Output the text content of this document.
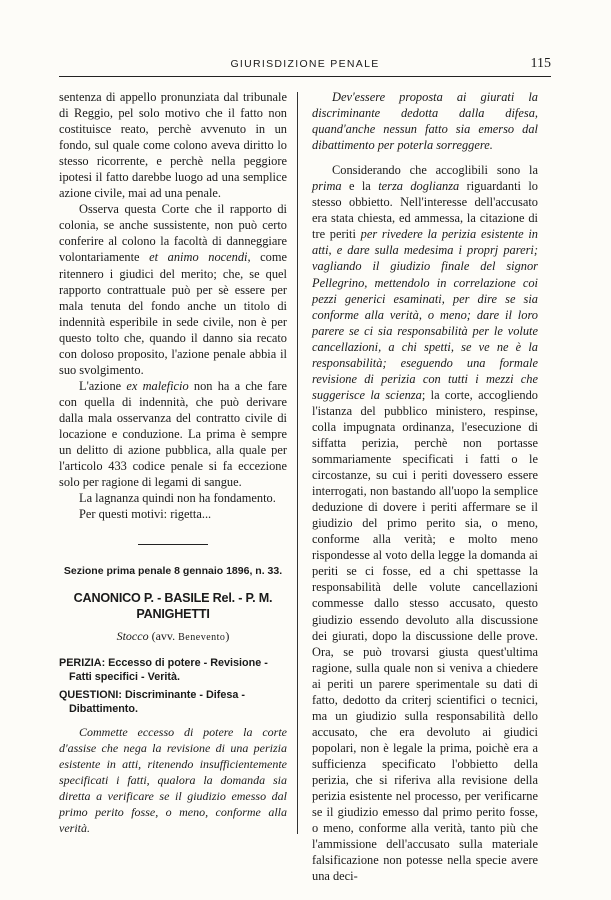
GIURISDIZIONE PENALE	115

sentenza di appello pronunziata dal tribunale di Reggio, pel solo motivo che il fatto non costituisce reato, perchè avvenuto in un fondo, sul quale come colono aveva diritto lo stesso ricorrente, e perchè nella peggiore ipotesi il fatto darebbe luogo ad una semplice azione civile, mai ad una penale.

Osserva questa Corte che il rapporto di colonia, se anche sussistente, non può certo conferire al colono la facoltà di danneggiare volontariamente et animo nocendi, come ritennero i giudici del merito; che, se quel rapporto contrattuale può per sè essere per mala tenuta del fondo anche un titolo di indennità esperibile in sede civile, non è per questo tolto che, quando il danno sia recato con doloso proposito, l'azione penale abbia il suo svolgimento.

L'azione ex maleficio non ha a che fare con quella di indennità, che può derivare dalla mala osservanza del contratto civile di locazione e conduzione. La prima è sempre un delitto di azione pubblica, alla quale per l'articolo 433 codice penale si fa eccezione solo per ragione di legami di sangue.

La lagnanza quindi non ha fondamento.

Per questi motivi: rigetta...

Sezione prima penale 8 gennaio 1896, n. 33.
CANONICO P. - BASILE Rel. - P. M. PANIGHETTI
Stocco (avv. Benevento)
PERIZIA: Eccesso di potere - Revisione - Fatti specifici - Verità.
QUESTIONI: Discriminante - Difesa - Dibattimento.

Commette eccesso di potere la corte d'assise che nega la revisione di una perizia esistente in atti, ritenendo insufficientemente specificati i fatti, qualora la domanda sia diretta a verificare se il giudizio emesso dal primo perito fosse, o meno, conforme alla verità.

Dev'essere proposta ai giurati la discriminante dedotta dalla difesa, quand'anche nessun fatto sia emerso dal dibattimento per poterla sorreggere.

Considerando che accoglibili sono la prima e la terza doglianza riguardanti lo stesso obbietto. Nell'interesse dell'accusato era stata chiesta, ed ammessa, la citazione di tre periti per rivedere la perizia esistente in atti, e dare sulla medesima i proprj pareri; vagliando il giudizio finale del signor Pellegrino, mettendolo in correlazione coi pezzi generici esaminati, per dire se sia conforme alla verità, o meno; dare il loro parere se ci sia responsabilità per le volute cancellazioni, a chi spetti, se ve ne è la responsabilità; eseguendo una formale revisione di perizia con tutti i mezzi che suggerisce la scienza; la corte, accogliendo l'istanza del pubblico ministero, respinse, colla impugnata ordinanza, l'esecuzione di siffatta perizia, perchè non portasse sommariamente specificati i fatti o le circostanze, su cui i periti dovessero essere interrogati, non bastando all'uopo la semplice deduzione di dovere i periti affermare se il giudizio del primo perito sia, o meno, conforme alla verità; e molto meno rispondesse al voto della legge la domanda ai periti se ci fosse, ed a chi spettasse la responsabilità delle volute cancellazioni commesse dallo stesso accusato, questo giudizio essendo devoluto alla discussione dei giurati, dopo la discussione delle prove. Ora, se può trovarsi giusta quest'ultima ragione, sulla quale non si veniva a chiedere ai periti un parere sperimentale su dati di fatto, dedotto da criterj scientifici o tecnici, ma un giudizio sulla responsabilità dello accusato, che era devoluto ai giudici popolari, non è legale la prima, poichè era a sufficienza specificato l'obbietto della perizia, che si riferiva alla revisione della perizia esistente nel processo, per verificarne se il giudizio emesso dal primo perito fosse, o meno, conforme alla verità, tanto più che l'ammissione dell'accusato sulla materiale falsificazione non potesse nella specie avere una deci-
